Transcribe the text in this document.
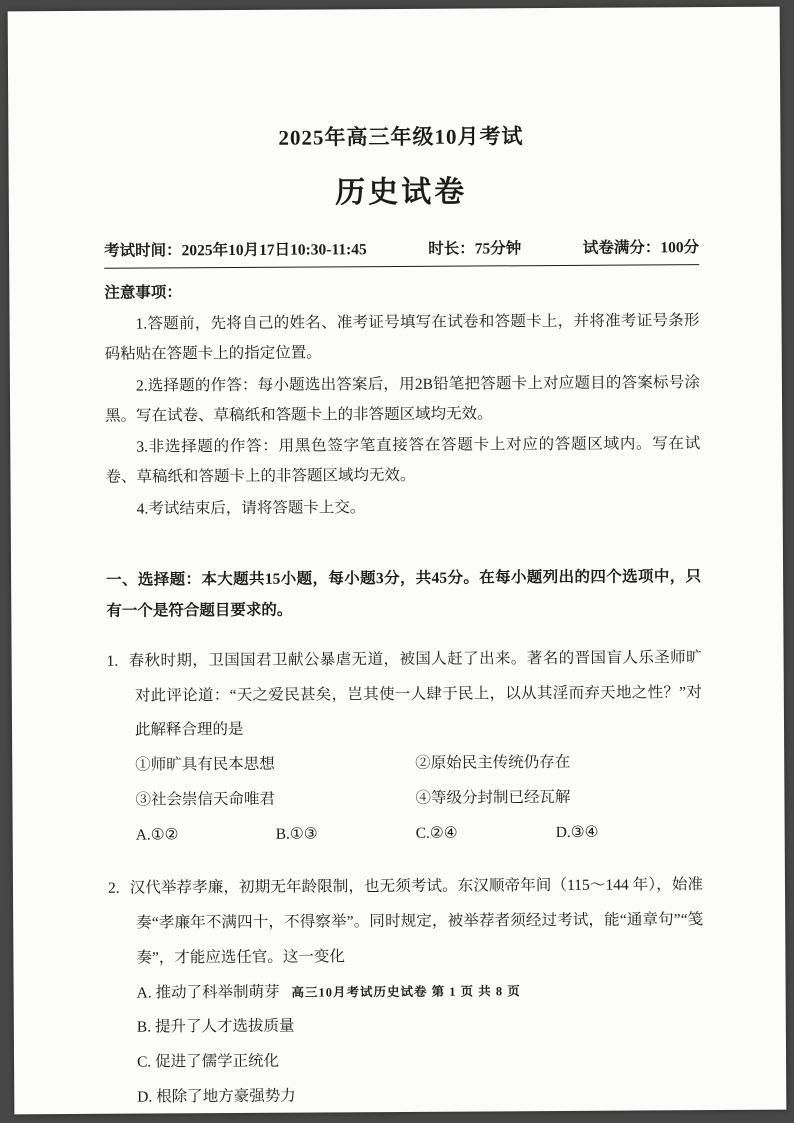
2025年高三年级10月考试
历史试卷
考试时间：2025年10月17日10:30-11:45	时长：75分钟	试卷满分：100分
注意事项：
1.答题前，先将自己的姓名、准考证号填写在试卷和答题卡上，并将准考证号条形码粘贴在答题卡上的指定位置。
2.选择题的作答：每小题选出答案后，用2B铅笔把答题卡上对应题目的答案标号涂黑。写在试卷、草稿纸和答题卡上的非答题区域均无效。
3.非选择题的作答：用黑色签字笔直接答在答题卡上对应的答题区域内。写在试卷、草稿纸和答题卡上的非答题区域均无效。
4.考试结束后，请将答题卡上交。
一、选择题：本大题共15小题，每小题3分，共45分。在每小题列出的四个选项中，只有一个是符合题目要求的。
1. 春秋时期，卫国国君卫献公暴虐无道，被国人赶了出来。著名的晋国盲人乐圣师旷对此评论道：“天之爱民甚矣，岂其使一人肆于民上，以从其淫而弃天地之性？”对此解释合理的是
①师旷具有民本思想	②原始民主传统仍存在
③社会崇信天命唯君	④等级分封制已经瓦解
A.①②	B.①③	C.②④	D.③④
2. 汉代举荐孝廉，初期无年龄限制，也无须考试。东汉顺帝年间（115～144 年），始准奏“孝廉年不满四十，不得察举”。同时规定，被举荐者须经过考试，能“通章句”“笺奏”，才能应选任官。这一变化
A. 推动了科举制萌芽
B. 提升了人才选拔质量
C. 促进了儒学正统化
D. 根除了地方豪强势力
高三10月考试历史试卷 第 1 页 共 8 页
